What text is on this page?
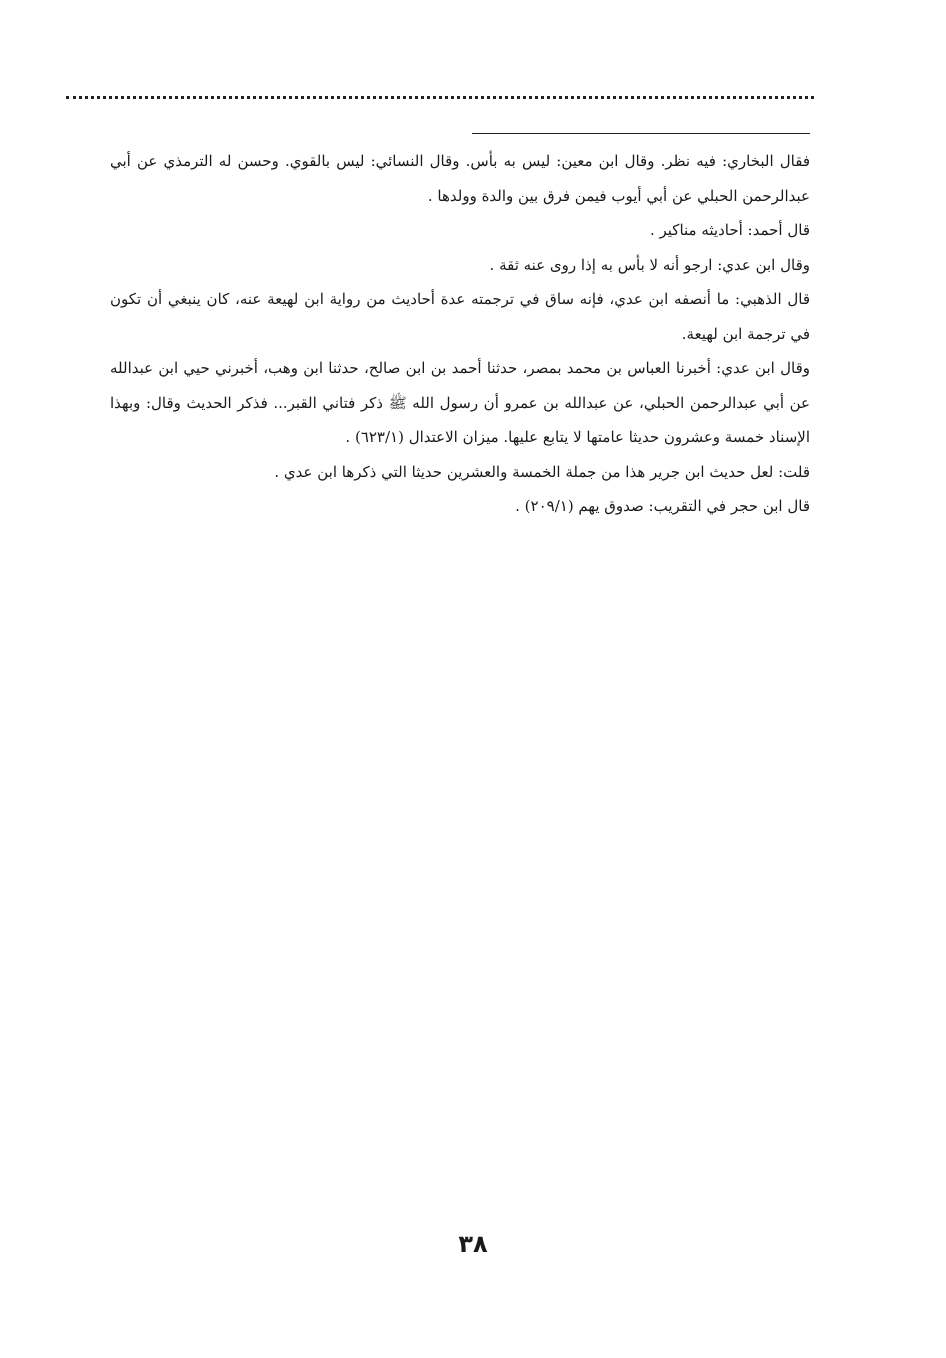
فقال البخاري: فيه نظر. وقال ابن معين: ليس به بأس. وقال النسائي: ليس بالقوي. وحسن له الترمذي عن أبي عبدالرحمن الحبلي عن أبي أيوب فيمن فرق بين والدة وولدها .

قال أحمد: أحاديثه مناكير .

وقال ابن عدي: ارجو أنه لا بأس به إذا روى عنه ثقة .

قال الذهبي: ما أنصفه ابن عدي، فإنه ساق في ترجمته عدة أحاديث من رواية ابن لهيعة عنه، كان ينبغي أن تكون في ترجمة ابن لهيعة.

وقال ابن عدي: أخبرنا العباس بن محمد بمصر، حدثنا أحمد بن ابن صالح، حدثنا ابن وهب، أخبرني حيي ابن عبدالله عن أبي عبدالرحمن الحبلي، عن عبدالله بن عمرو أن رسول الله ﷺ ذكر فتاني القبر... فذكر الحديث وقال: وبهذا الإسناد خمسة وعشرون حديثا عامتها لا يتابع عليها. ميزان الاعتدال (٦٢٣/١) .

قلت: لعل حديث ابن جرير هذا من جملة الخمسة والعشرين حديثا التي ذكرها ابن عدي .

قال ابن حجر في التقريب: صدوق يهم (٢٠٩/١) .

٣٨
